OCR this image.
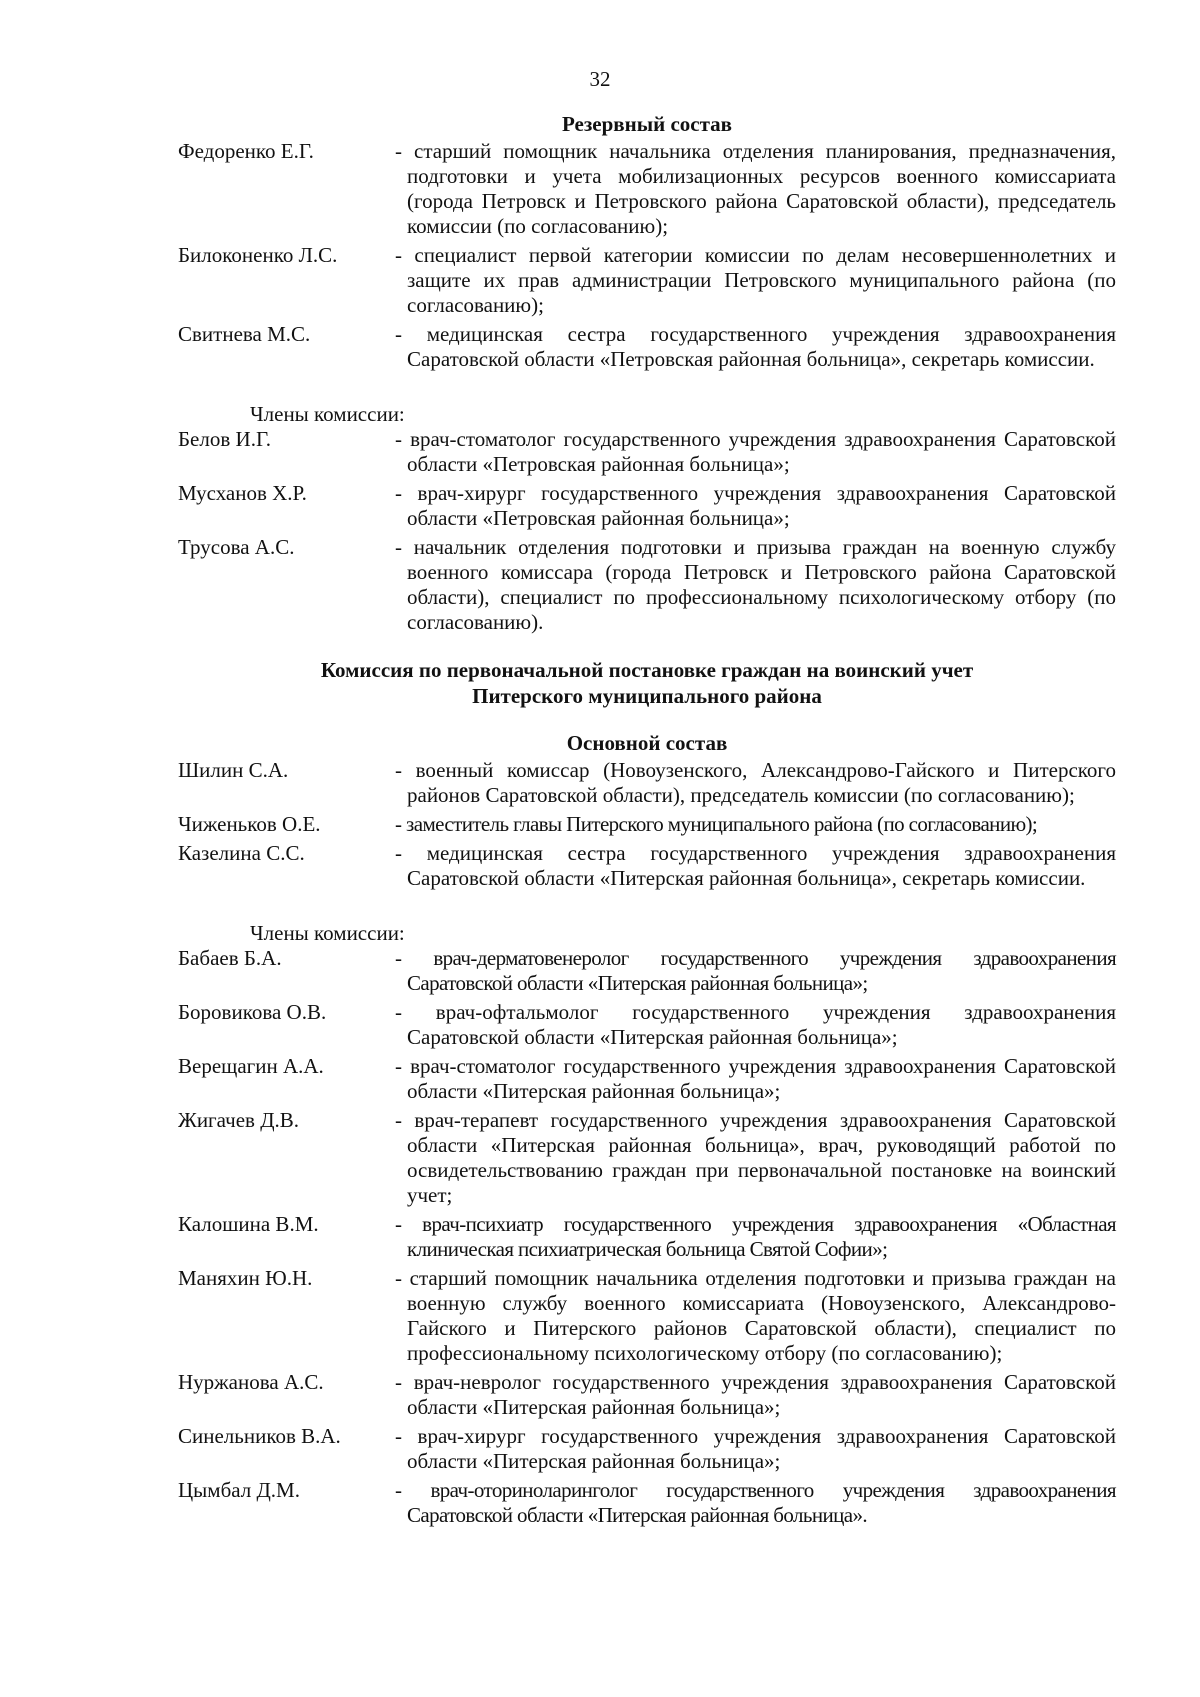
32
Резервный состав
Федоренко Е.Г.	- старший помощник начальника отделения планирования, предназначения, подготовки и учета мобилизационных ресурсов военного комиссариата (города Петровск и Петровского района Саратовской области), председатель комиссии (по согласованию);
Билоконенко Л.С.	- специалист первой категории комиссии по делам несовершеннолетних и защите их прав администрации Петровского муниципального района (по согласованию);
Свитнева М.С.	- медицинская сестра государственного учреждения здравоохранения Саратовской области «Петровская районная больница», секретарь комиссии.
Члены комиссии:
Белов И.Г.	- врач-стоматолог государственного учреждения здравоохранения Саратовской области «Петровская районная больница»;
Мусханов Х.Р.	- врач-хирург государственного учреждения здравоохранения Саратовской области «Петровская районная больница»;
Трусова А.С.	- начальник отделения подготовки и призыва граждан на военную службу военного комиссара (города Петровск и Петровского района Саратовской области), специалист по профессиональному психологическому отбору (по согласованию).
Комиссия по первоначальной постановке граждан на воинский учет
Питерского муниципального района
Основной состав
Шилин С.А.	- военный комиссар (Новоузенского, Александрово-Гайского и Питерского районов Саратовской области), председатель комиссии (по согласованию);
Чиженьков О.Е.	- заместитель главы Питерского муниципального района (по согласованию);
Казелина С.С.	- медицинская сестра государственного учреждения здравоохранения Саратовской области «Питерская районная больница», секретарь комиссии.
Члены комиссии:
Бабаев Б.А.	- врач-дерматовенеролог государственного учреждения здравоохранения Саратовской области «Питерская районная больница»;
Боровикова О.В.	- врач-офтальмолог государственного учреждения здравоохранения Саратовской области «Питерская районная больница»;
Верещагин А.А.	- врач-стоматолог государственного учреждения здравоохранения Саратовской области «Питерская районная больница»;
Жигачев Д.В.	- врач-терапевт государственного учреждения здравоохранения Саратовской области «Питерская районная больница», врач, руководящий работой по освидетельствованию граждан при первоначальной постановке на воинский учет;
Калошина В.М.	- врач-психиатр государственного учреждения здравоохранения «Областная клиническая психиатрическая больница Святой Софии»;
Маняхин Ю.Н.	- старший помощник начальника отделения подготовки и призыва граждан на военную службу военного комиссариата (Новоузенского, Александрово-Гайского и Питерского районов Саратовской области), специалист по профессиональному психологическому отбору (по согласованию);
Нуржанова А.С.	- врач-невролог государственного учреждения здравоохранения Саратовской области «Питерская районная больница»;
Синельников В.А.	- врач-хирург государственного учреждения здравоохранения Саратовской области «Питерская районная больница»;
Цымбал Д.М.	- врач-оториноларинголог государственного учреждения здравоохранения Саратовской области «Питерская районная больница».
